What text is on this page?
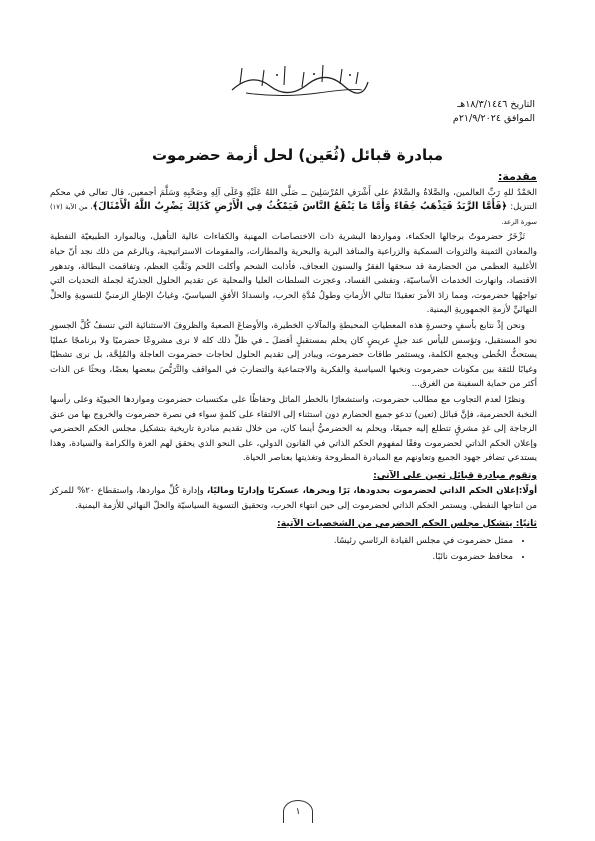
التاريخ ١٨/٣/١٤٤٦هـ
الموافق ٢١/٩/٢٠٢٤م
مبادرة قبائل (ثُعَين) لحل أزمة حضرموت
مقدمة:

الحَمْدُ للهِ رَبِّ العالمين، والصَّلاةُ والسَّلامُ على أَشْرَفِ المُرْسَلِينَ ــ صَلَّى اللهُ عَلَيْهِ وَعَلَى آلِهِ وصَحْبِهِ وَسَلَّمَ أجمعين، قال تعالى في محكم التنزيل: ﴿فَأَمَّا الزَّبَدُ فَيَذْهَبُ جُفَاءً وَأَمَّا مَا يَنْفَعُ النَّاسَ فَيَمْكُثُ فِي الْأَرْضِ كَذَلِكَ يَضْرِبُ اللَّهُ الْأَمْثَالَ﴾، من الآية (١٧) سورة الرعد.

تَزْخَرُ حضرموتُ برجالها الحكماء، ومواردها البشرية ذات الاختصاصات المهنية والكفاءات عالية التأهيل، وبالموارد الطبيعيّة النفطية والمعادن الثمينة والثروات السمكية والزراعية والمنافذ البرية والبحرية والمطارات، والمقومات الاستراتيجية، وبالرغم من ذلك نجد أنّ حياة الأغلبية العظمى من الحضارمة قد سحقها الفقرُ والسنون العجاف، فأذابت الشحم وأكلت اللحم ونَقَّتِ العظم، وتفاقمت البطالة، وتدهور الاقتصاد، وانهارت الخدمات الأساسيّة، وتفشى الفساد، وعجزت السلطات العليا والمحلية عن تقديم الحلول الجذريّة لجملة التحديات التي تواجهُها حضرموت، ومما زادَ الأمرَ تعقيدًا تتالي الأزماتِ وطولُ مُدَّةِ الحرب، وانسدادُ الأفقِ السياسيّ، وغيابُ الإطارِ الزمنيِّ للتسويةِ والحلِّ النهائيِّ لأزمةِ الجمهوريةِ اليمنية.

ونحن إذْ نتابع بأسفٍ وحسرةٍ هذه المعطياتِ المحبطةِ والمآلاتِ الخطيرة، والأوضاعَ الصعبةَ والظروفَ الاستثنائية التي تنسفُ كُلَّ الجسورِ نحو المستقبل، وتؤسس لليأس عند جيلٍ عريضٍ كان يحلم بمستقبلٍ أفضلَ ـ في ظلِّ ذلك كله لا نرى مشروعًا حضرميًا ولا برنامجًا عمليًا يستحثُّ الخُطى ويجمع الكلمة، ويستثمر طاقات حضرموت، ويبادر إلى تقديم الحلول لحاجات حضرموت العاجلة والمُلِحَّة، بل نرى تشظيًا وغيابًا للثقة بين مكونات حضرموت ونخبها السياسية والفكرية والاجتماعية والتضاربَ في المواقف والتَّرَبُّصَ ببعضها بعضًا، وبحثًا عن الذات أكثر من حماية السفينة من الغرق...

ونظرًا لعدم التجاوب مع مطالب حضرموت، واستشعارًا بالخطر الماثل وحفاظًا على مكتسبات حضرموت ومواردها الحيويّة وعلى رأسها النخبة الحضرمية، فإنَّ قبائل (ثعين) تدعو جميع الحضارم دون استثناء إلى الالتقاء على كلمةٍ سواء في نصرة حضرموت والخروج بها من عنق الزجاجة إلى غدٍ مشرقٍ تتطلع إليه جميعًا، ويحلم به الحضرميُّ أينما كان، من خلال تقديم مبادرة تاريخية بتشكيل مجلس الحكم الحضرمي وإعلان الحكم الذاتي لحضرموت وفقًا لمفهوم الحكم الذاتي في القانون الدولي، على النحو الذي يحقق لهم العزة والكرامة والسيادة، وهذا يستدعي تضافر جهود الجميع وتعاونهم مع المبادرة المطروحة وتغذيتها بعناصر الحياة.

وتقوم مبادرة قبائل ثعين على الآتي:

أولًا:إعلان الحكم الذاتي لحضرموت بحدودها، بَرًا وبحرها، عسكريًا وإداريًا وماليًا، وإدارة كُلِّ مواردها، واستقطاع ٢٠% للمركز من انتاجها النفطي. ويستمر الحكم الذاتي لحضرموت إلى حين انتهاء الحرب، وتحقيق التسوية السياسيّة والحلّ النهائي للأزمة اليمنية.

ثانيًا: يتشكل مجلس الحكم الحضرمي من الشخصيات الآتية:
• ممثل حضرموت في مجلس القيادة الرئاسي رئيسًا.
• محافظ حضرموت نائبًا.
١
